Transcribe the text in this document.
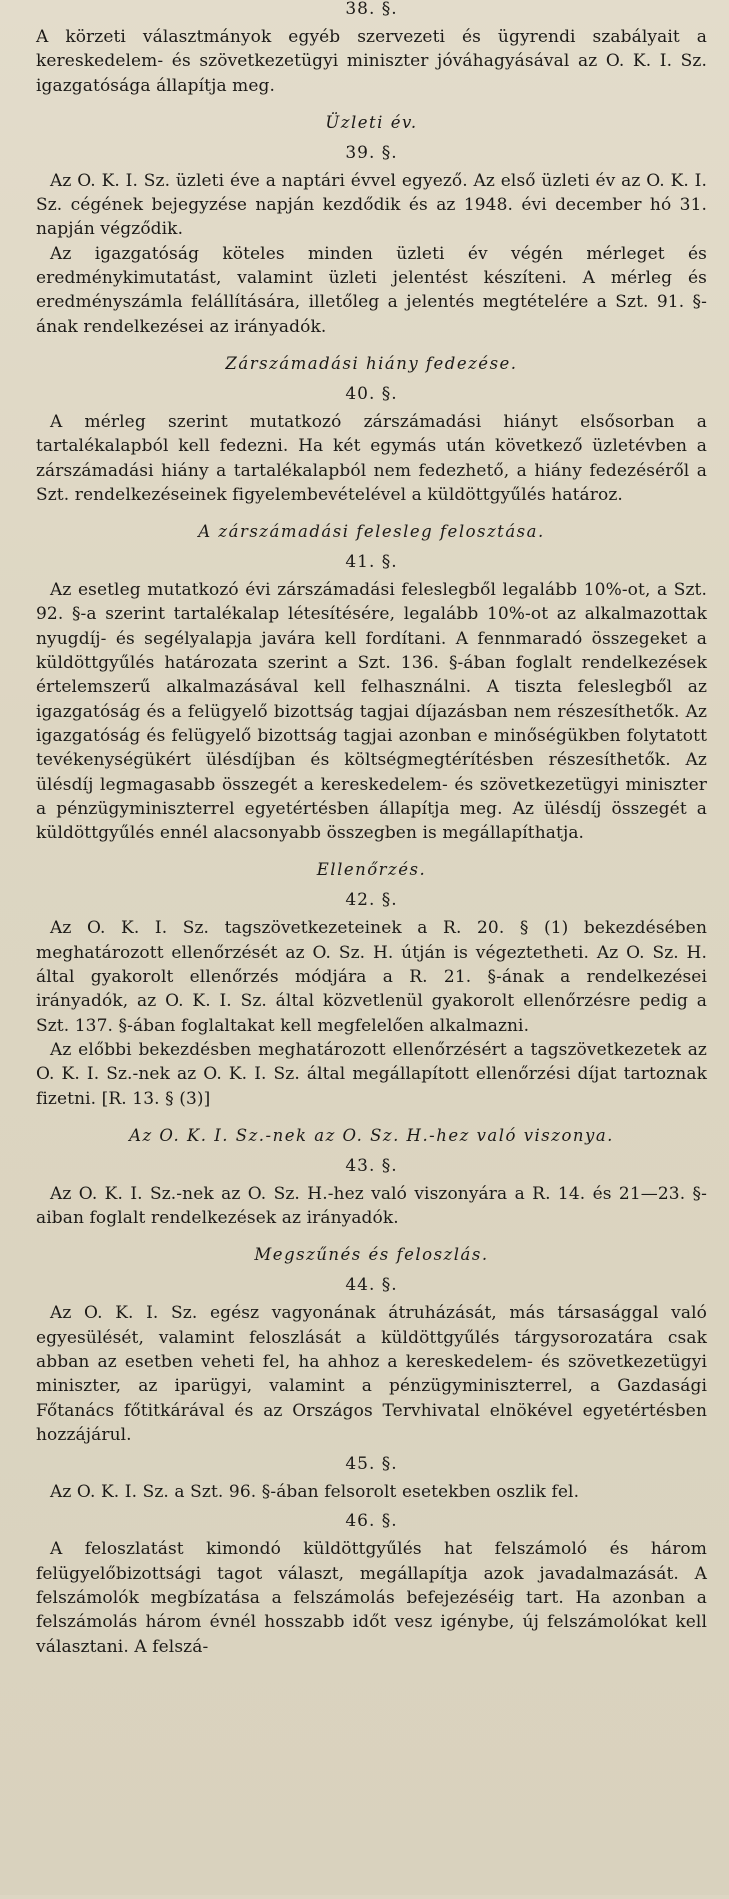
38. §.

A körzeti választmányok egyéb szervezeti és ügyrendi szabályait a kereskedelem- és szövetkezetügyi miniszter jóváhagyásával az O. K. I. Sz. igazgatósága állapítja meg.

Üzleti év.
39. §.

Az O. K. I. Sz. üzleti éve a naptári évvel egyező. Az első üzleti év az O. K. I. Sz. cégének bejegyzése napján kezdődik és az 1948. évi december hó 31. napján végződik.

Az igazgatóság köteles minden üzleti év végén mérleget és eredménykimutatást, valamint üzleti jelentést készíteni. A mérleg és eredményszámla felállítására, illetőleg a jelentés megtételére a Szt. 91. §-ának rendelkezései az irányadók.

Zárszámadási hiány fedezése.
40. §.

A mérleg szerint mutatkozó zárszámadási hiányt elsősorban a tartalékalapból kell fedezni. Ha két egymás után következő üzletévben a zárszámadási hiány a tartalékalapból nem fedezhető, a hiány fedezéséről a Szt. rendelkezéseinek figyelembevételével a küldöttgyűlés határoz.

A zárszámadási felesleg felosztása.
41. §.

Az esetleg mutatkozó évi zárszámadási feleslegből legalább 10%-ot, a Szt. 92. §-a szerint tartalékalap létesítésére, legalább 10%-ot az alkalmazottak nyugdíj- és segélyalapja javára kell fordítani. A fennmaradó összegeket a küldöttgyűlés határozata szerint a Szt. 136. §-ában foglalt rendelkezések értelemszerű alkalmazásával kell felhasználni. A tiszta feleslegből az igazgatóság és a felügyelő bizottság tagjai díjazásban nem részesíthetők. Az igazgatóság és felügyelő bizottság tagjai azonban e minőségükben folytatott tevékenységükért ülésdíjban és költségmegtérítésben részesíthetők. Az ülésdíj legmagasabb összegét a kereskedelem- és szövetkezetügyi miniszter a pénzügyminiszterrel egyetértésben állapítja meg. Az ülésdíj összegét a küldöttgyűlés ennél alacsonyabb összegben is megállapíthatja.

Ellenőrzés.
42. §.

Az O. K. I. Sz. tagszövetkezeteinek a R. 20. § (1) bekezdésében meghatározott ellenőrzését az O. Sz. H. útján is végeztetheti. Az O. Sz. H. által gyakorolt ellenőrzés módjára a R. 21. §-ának a rendelkezései irányadók, az O. K. I. Sz. által közvetlenül gyakorolt ellenőrzésre pedig a Szt. 137. §-ában foglaltakat kell megfelelően alkalmazni.

Az előbbi bekezdésben meghatározott ellenőrzésért a tagszövetkezetek az O. K. I. Sz.-nek az O. K. I. Sz. által megállapított ellenőrzési díjat tartoznak fizetni. [R. 13. § (3)]

Az O. K. I. Sz.-nek az O. Sz. H.-hez való viszonya.
43. §.

Az O. K. I. Sz.-nek az O. Sz. H.-hez való viszonyára a R. 14. és 21—23. §-aiban foglalt rendelkezések az irányadók.

Megszűnés és feloszlás.
44. §.

Az O. K. I. Sz. egész vagyonának átruházását, más társasággal való egyesülését, valamint feloszlását a küldöttgyűlés tárgysorozatára csak abban az esetben veheti fel, ha ahhoz a kereskedelem- és szövetkezetügyi miniszter, az iparügyi, valamint a pénzügyminiszterrel, a Gazdasági Főtanács főtitkárával és az Országos Tervhivatal elnökével egyetértésben hozzájárul.

45. §.

Az O. K. I. Sz. a Szt. 96. §-ában felsorolt esetekben oszlik fel.

46. §.

A feloszlatást kimondó küldöttgyűlés hat felszámoló és három felügyelőbizottsági tagot választ, megállapítja azok javadalmazását. A felszámolók megbízatása a felszámolás befejezéséig tart. Ha azonban a felszámolás három évnél hosszabb időt vesz igénybe, új felszámolókat kell választani. A felszá-
